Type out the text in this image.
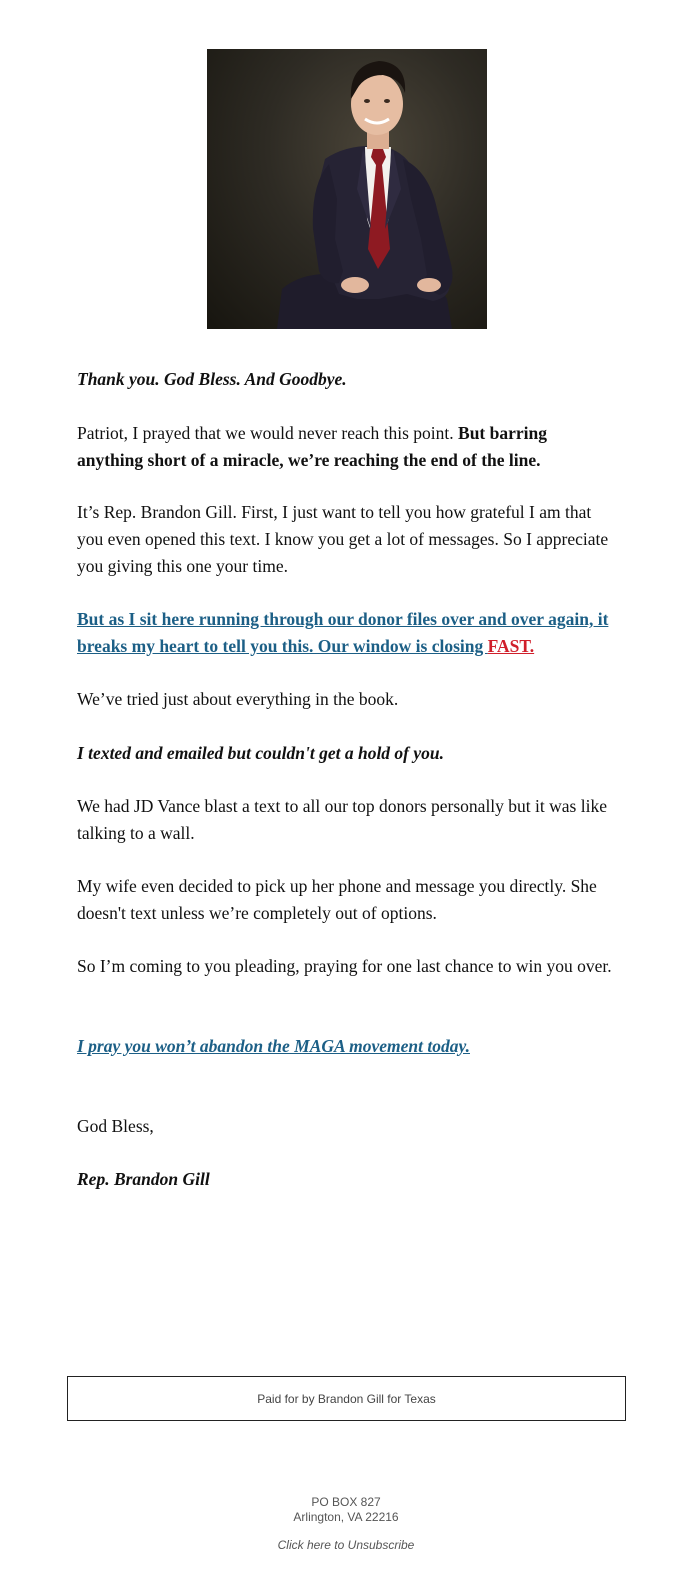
Thank you. God Bless. And Goodbye.

Patriot, I prayed that we would never reach this point. But barring anything short of a miracle, we’re reaching the end of the line.

It’s Rep. Brandon Gill. First, I just want to tell you how grateful I am that you even opened this text. I know you get a lot of messages. So I appreciate you giving this one your time.

But as I sit here running through our donor files over and over again, it breaks my heart to tell you this. Our window is closing FAST.

We’ve tried just about everything in the book.

I texted and emailed but couldn't get a hold of you.

We had JD Vance blast a text to all our top donors personally but it was like talking to a wall.

My wife even decided to pick up her phone and message you directly. She doesn't text unless we’re completely out of options.

So I’m coming to you pleading, praying for one last chance to win you over.

I pray you won’t abandon the MAGA movement today.

God Bless,

Rep. Brandon Gill

Paid for by Brandon Gill for Texas
PO BOX 827
Arlington, VA 22216
Click here to Unsubscribe
